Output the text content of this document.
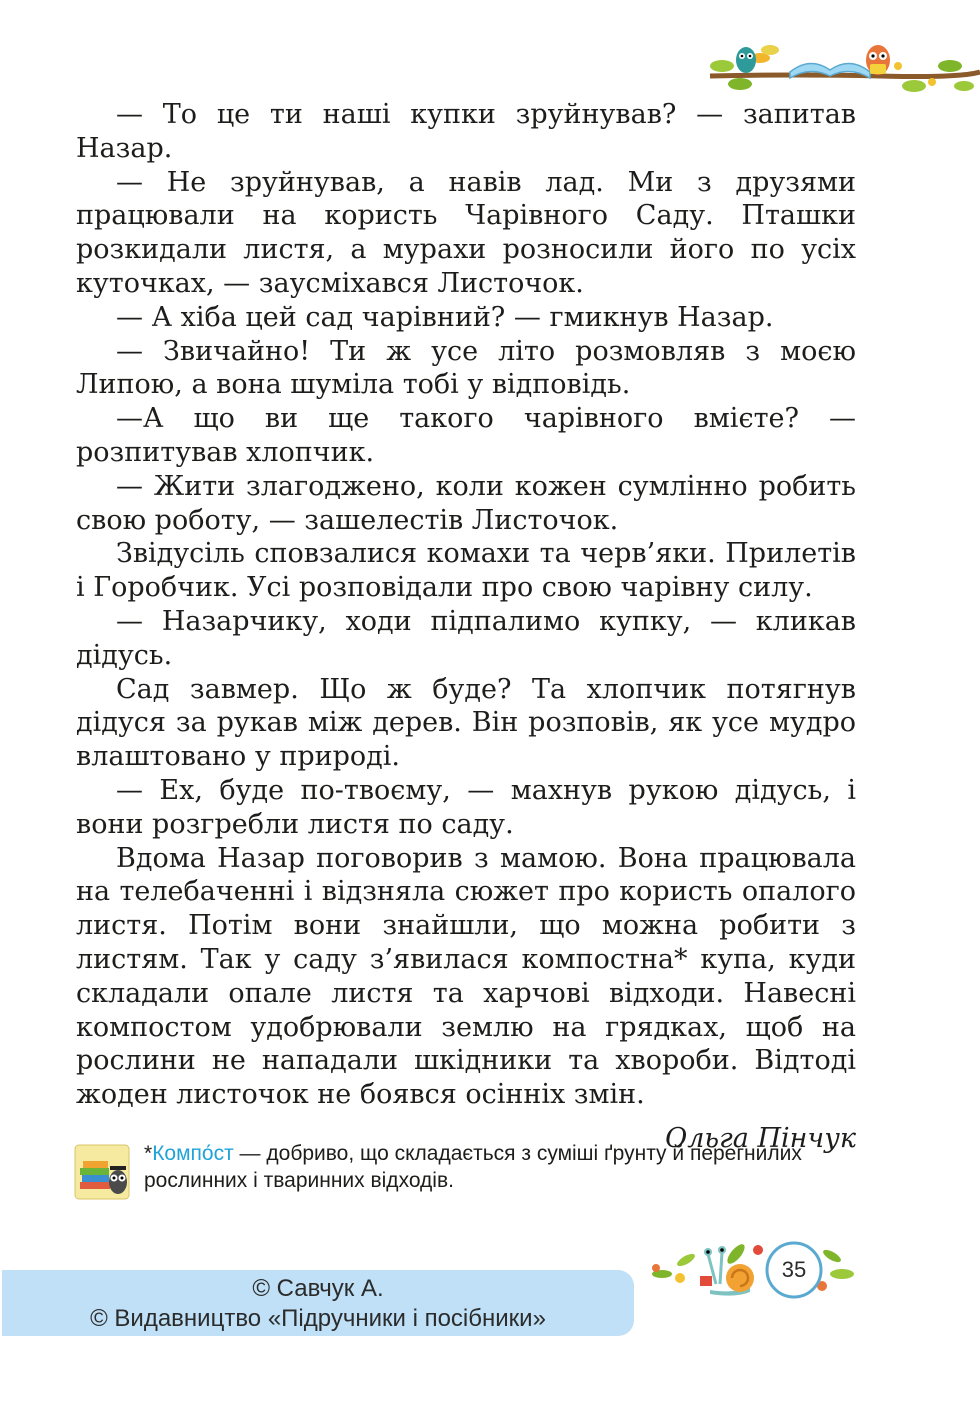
— То це ти наші купки зруйнував? — запитав Назар.

— Не зруйнував, а навів лад. Ми з друзями працювали на користь Чарівного Саду. Пташки розкидали листя, а мурахи розносили його по усіх куточках, — заусміхався Листочок.

— А хіба цей сад чарівний? — гмикнув Назар.

— Звичайно! Ти ж усе літо розмовляв з моєю Липою, а вона шуміла тобі у відповідь.

—А що ви ще такого чарівного вмієте? — розпитував хлопчик.

— Жити злагоджено, коли кожен сумлінно робить свою роботу, — зашелестів Листочок.

Звідусіль сповзалися комахи та черв’яки. Прилетів і Горобчик. Усі розповідали про свою чарівну силу.

— Назарчику, ходи підпалимо купку, — кликав дідусь.

Сад завмер. Що ж буде? Та хлопчик потягнув дідуся за рукав між дерев. Він розповів, як усе мудро влаштовано у природі.

— Ех, буде по-твоєму, — махнув рукою дідусь, і вони розгребли листя по саду.

Вдома Назар поговорив з мамою. Вона працювала на телебаченні і відзняла сюжет про користь опалого листя. Потім вони знайшли, що можна робити з листям. Так у саду з’явилася компостна* купа, куди складали опале листя та харчові відходи. Навесні компостом удобрювали землю на грядках, щоб на рослини не нападали шкідники та хвороби. Відтоді жоден листочок не боявся осінніх змін.

Ольга Пінчук

*Компо́ст — добриво, що складається з суміші ґрунту й перегнилих рослинних і тваринних відходів.
© Савчук А.
© Видавництво «Підручники і посібники»
35
